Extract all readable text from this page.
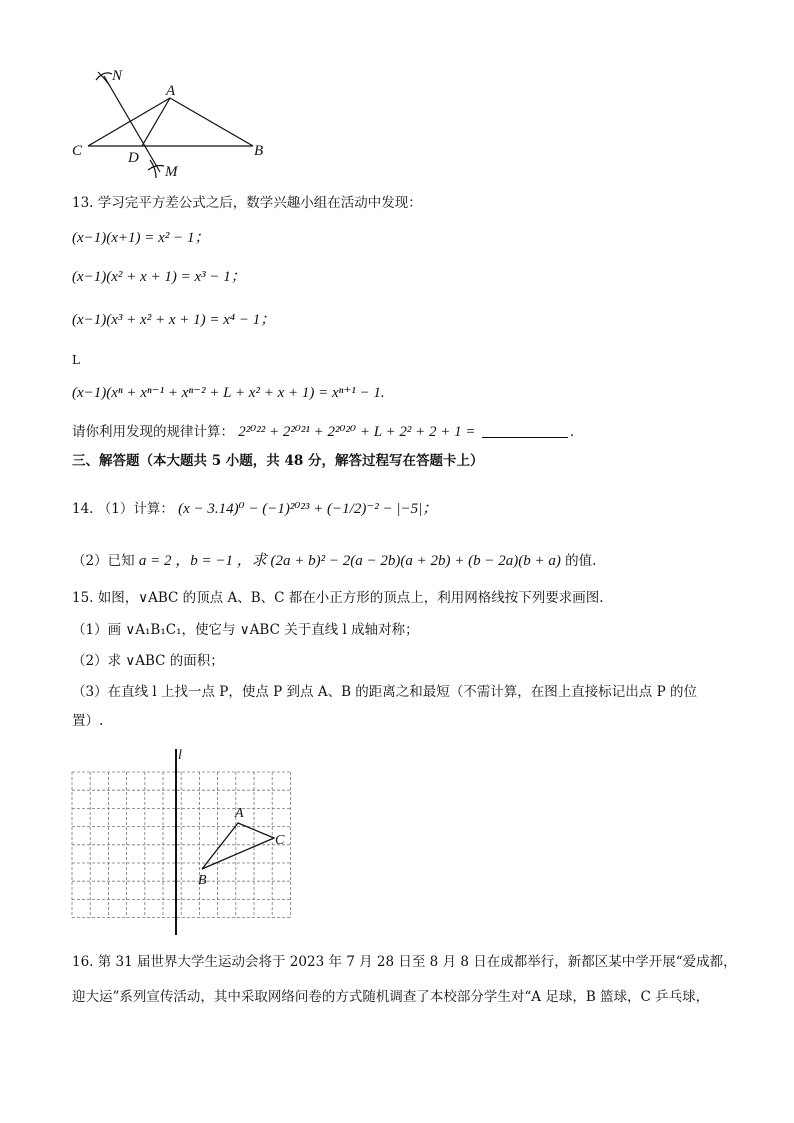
N
A
C	D
M
B
13. 学习完平方差公式之后，数学兴趣小组在活动中发现：
(x−1)(x+1) = x² − 1；
(x−1)(x² + x + 1) = x³ − 1；
(x−1)(x³ + x² + x + 1) = x⁴ − 1；
L
(x−1)(xⁿ + xⁿ⁻¹ + xⁿ⁻² + L + x² + x + 1) = xⁿ⁺¹ − 1.
请你利用发现的规律计算： 2²⁰²² + 2²⁰²¹ + 2²⁰²⁰ + L + 2² + 2 + 1 =	.
三、解答题（本大题共 5 小题，共 48 分，解答过程写在答题卡上）
14. （1）计算： (x − 3.14)⁰ − (−1)²⁰²³ + (−1/2)⁻² − |−5|；
（2）已知 a = 2 ，b = −1 ，求 (2a + b)² − 2(a − 2b)(a + 2b) + (b − 2a)(b + a) 的值.
15. 如图，∨ABC 的顶点 A、B、C 都在小正方形的顶点上，利用网格线按下列要求画图.
（1）画 ∨A₁B₁C₁，使它与 ∨ABC 关于直线 l 成轴对称；
（2）求 ∨ABC 的面积；
（3）在直线 l 上找一点 P，使点 P 到点 A、B 的距离之和最短（不需计算，在图上直接标记出点 P 的位
置）.
l
A
C
B
16. 第 31 届世界大学生运动会将于 2023 年 7 月 28 日至 8 月 8 日在成都举行，新都区某中学开展“爱成都，
迎大运”系列宣传活动，其中采取网络问卷的方式随机调查了本校部分学生对“A 足球，B 篮球，C 乒乓球，
